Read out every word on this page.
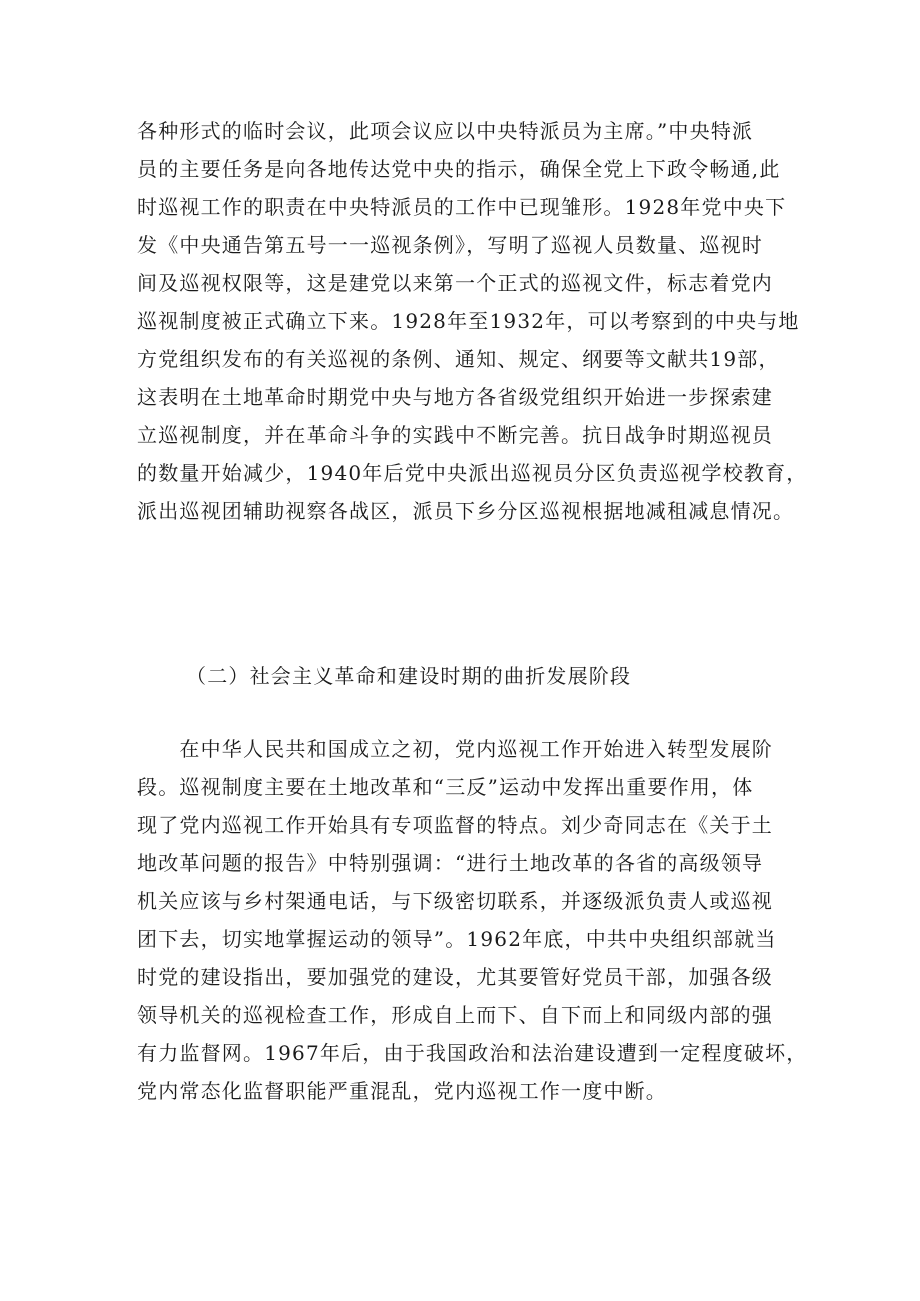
各种形式的临时会议，此项会议应以中央特派员为主席。”中央特派
员的主要任务是向各地传达党中央的指示，确保全党上下政令畅通,此
时巡视工作的职责在中央特派员的工作中已现雏形。1928年党中央下
发《中央通告第五号一一巡视条例》，写明了巡视人员数量、巡视时
间及巡视权限等，这是建党以来第一个正式的巡视文件，标志着党内
巡视制度被正式确立下来。1928年至1932年，可以考察到的中央与地
方党组织发布的有关巡视的条例、通知、规定、纲要等文献共19部，
这表明在土地革命时期党中央与地方各省级党组织开始进一步探索建
立巡视制度，并在革命斗争的实践中不断完善。抗日战争时期巡视员
的数量开始减少，1940年后党中央派出巡视员分区负责巡视学校教育，
派出巡视团辅助视察各战区，派员下乡分区巡视根据地减租减息情况。
（二）社会主义革命和建设时期的曲折发展阶段
　　在中华人民共和国成立之初，党内巡视工作开始进入转型发展阶
段。巡视制度主要在土地改革和“三反”运动中发挥出重要作用，体
现了党内巡视工作开始具有专项监督的特点。刘少奇同志在《关于土
地改革问题的报告》中特别强调：“进行土地改革的各省的高级领导
机关应该与乡村架通电话，与下级密切联系，并逐级派负责人或巡视
团下去，切实地掌握运动的领导”。1962年底，中共中央组织部就当
时党的建设指出，要加强党的建设，尤其要管好党员干部，加强各级
领导机关的巡视检查工作，形成自上而下、自下而上和同级内部的强
有力监督网。1967年后，由于我国政治和法治建设遭到一定程度破坏，
党内常态化监督职能严重混乱，党内巡视工作一度中断。
